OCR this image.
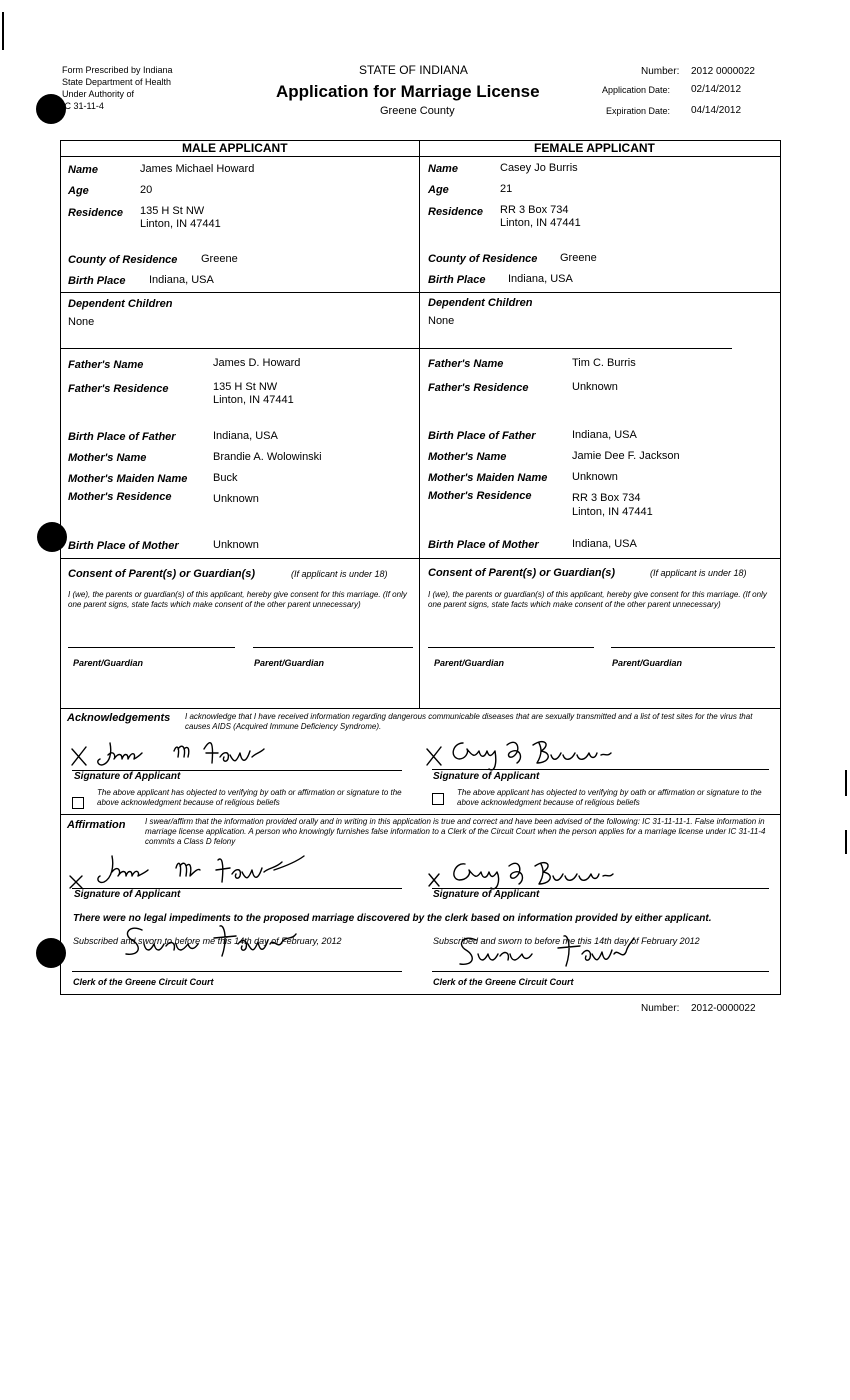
Form Prescribed by Indiana
State Department of Health
Under Authority of
IC 31-11-4
STATE OF INDIANA
Application for Marriage License
Greene County
Number: 2012 0000022
Application Date: 02/14/2012
Expiration Date: 04/14/2012
MALE APPLICANT
Name	James Michael Howard
Age	20
Residence 135 H St NW
Linton, IN 47441
County of Residence Greene
Birth Place Indiana, USA
Dependent Children
None
Father's Name	James D. Howard
Father's Residence	135 H St NW
Linton, IN 47441
Birth Place of Father	Indiana, USA
Mother's Name	Brandie A. Wolowinski
Mother's Maiden Name Buck
Mother's Residence	Unknown
Birth Place of Mother	Unknown
Consent of Parent(s) or Guardian(s)	(If applicant is under 18)
I (we), the parents or guardian(s) of this applicant, hereby give consent for this marriage. (If only one parent signs, state facts which make consent of the other parent unnecessary)
Parent/Guardian	Parent/Guardian
FEMALE APPLICANT
Name	Casey Jo Burris
Age	21
Residence RR 3 Box 734
Linton, IN 47441
County of Residence Greene
Birth Place Indiana, USA
Dependent Children
None
Father's Name	Tim C. Burris
Father's Residence	Unknown
Birth Place of Father	Indiana, USA
Mother's Name	Jamie Dee F. Jackson
Mother's Maiden Name Unknown
Mother's Residence	RR 3 Box 734
Linton, IN 47441
Birth Place of Mother	Indiana, USA
Consent of Parent(s) or Guardian(s)	(If applicant is under 18)
I (we), the parents or guardian(s) of this applicant, hereby give consent for this marriage. (If only one parent signs, state facts which make consent of the other parent unnecessary)
Parent/Guardian	Parent/Guardian
Acknowledgements I acknowledge that I have received information regarding dangerous communicable diseases that are sexually transmitted and a list of test sites for the virus that causes AIDS (Acquired Immune Deficiency Syndrome).
Signature of Applicant
The above applicant has objected to verifying by oath or affirmation or signature to the above acknowledgment because of religious beliefs
Signature of Applicant
The above applicant has objected to verifying by oath or affirmation or signature to the above acknowledgment because of religious beliefs
Affirmation I swear/affirm that the information provided orally and in writing in this application is true and correct and have been advised of the following: IC 31-11-11-1. False information in marriage license application. A person who knowingly furnishes false information to a Clerk of the Circuit Court when the person applies for a marriage license under IC 31-11-4 commits a Class D felony
Signature of Applicant	Signature of Applicant
There were no legal impediments to the proposed marriage discovered by the clerk based on information provided by either applicant.
Subscribed and sworn to before me this 14th day of February, 2012	Subscribed and sworn to before me this 14th day of February 2012
Clerk of the Greene Circuit Court	Clerk of the Greene Circuit Court
Number: 2012-0000022
